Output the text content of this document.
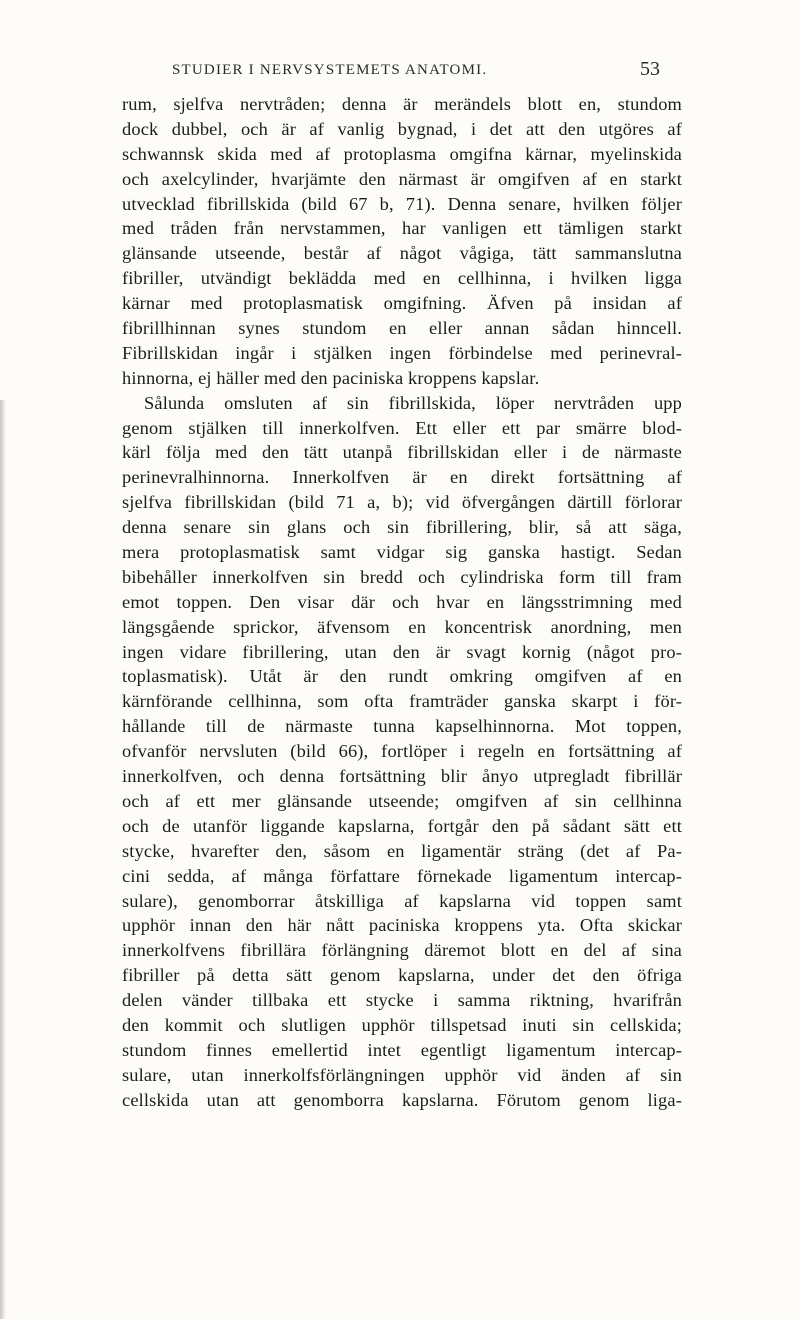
STUDIER I NERVSYSTEMETS ANATOMI.	53
rum, sjelfva nervtråden; denna är merändels blott en, stundom
dock dubbel, och är af vanlig bygnad, i det att den utgöres af
schwannsk skida med af protoplasma omgifna kärnar, myelinskida
och axelcylinder, hvarjämte den närmast är omgifven af en starkt
utvecklad fibrillskida (bild 67 b, 71). Denna senare, hvilken följer
med tråden från nervstammen, har vanligen ett tämligen starkt
glänsande utseende, består af något vågiga, tätt sammanslutna
fibriller, utvändigt beklädda med en cellhinna, i hvilken ligga
kärnar med protoplasmatisk omgifning. Äfven på insidan af
fibrillhinnan synes stundom en eller annan sådan hinncell.
Fibrillskidan ingår i stjälken ingen förbindelse med perinevral-
hinnorna, ej häller med den paciniska kroppens kapslar.
Sålunda omsluten af sin fibrillskida, löper nervtråden upp
genom stjälken till innerkolfven. Ett eller ett par smärre blod-
kärl följa med den tätt utanpå fibrillskidan eller i de närmaste
perinevralhinnorna. Innerkolfven är en direkt fortsättning af
sjelfva fibrillskidan (bild 71 a, b); vid öfvergången därtill förlorar
denna senare sin glans och sin fibrillering, blir, så att säga,
mera protoplasmatisk samt vidgar sig ganska hastigt. Sedan
bibehåller innerkolfven sin bredd och cylindriska form till fram
emot toppen. Den visar där och hvar en längsstrimning med
längsgående sprickor, äfvensom en koncentrisk anordning, men
ingen vidare fibrillering, utan den är svagt kornig (något pro-
toplasmatisk). Utåt är den rundt omkring omgifven af en
kärnförande cellhinna, som ofta framträder ganska skarpt i för-
hållande till de närmaste tunna kapselhinnorna. Mot toppen,
ofvanför nervsluten (bild 66), fortlöper i regeln en fortsättning af
innerkolfven, och denna fortsättning blir ånyo utpregladt fibrillär
och af ett mer glänsande utseende; omgifven af sin cellhinna
och de utanför liggande kapslarna, fortgår den på sådant sätt ett
stycke, hvarefter den, såsom en ligamentär sträng (det af Pa-
cini sedda, af många författare förnekade ligamentum intercap-
sulare), genomborrar åtskilliga af kapslarna vid toppen samt
upphör innan den här nått paciniska kroppens yta. Ofta skickar
innerkolfvens fibrillära förlängning däremot blott en del af sina
fibriller på detta sätt genom kapslarna, under det den öfriga
delen vänder tillbaka ett stycke i samma riktning, hvarifrån
den kommit och slutligen upphör tillspetsad inuti sin cellskida;
stundom finnes emellertid intet egentligt ligamentum intercap-
sulare, utan innerkolfsförlängningen upphör vid änden af sin
cellskida utan att genomborra kapslarna. Förutom genom liga-
